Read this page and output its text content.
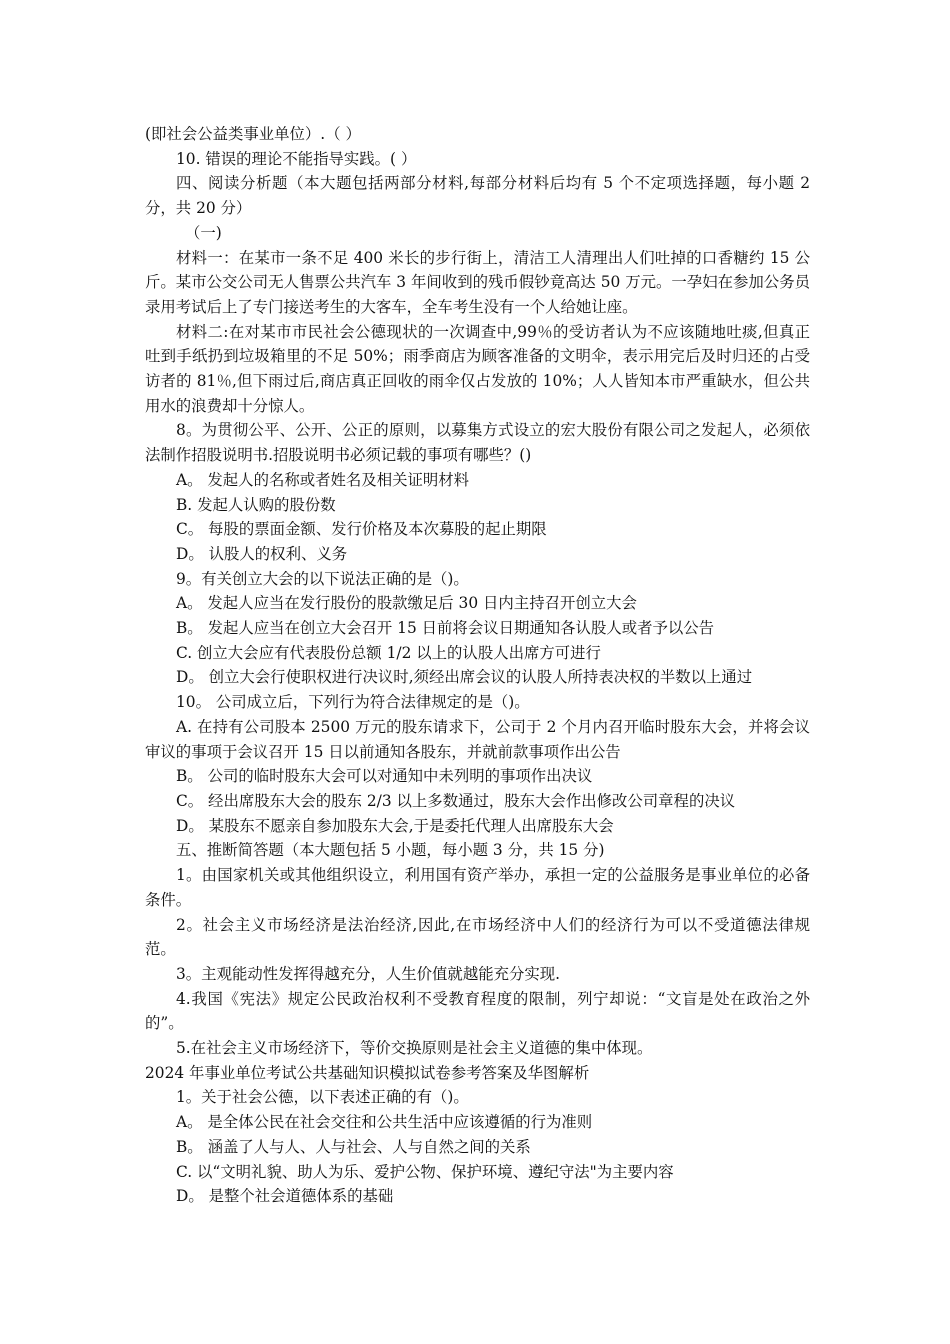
(即社会公益类事业单位）.（ ）

10. 错误的理论不能指导实践。( ）

四、阅读分析题（本大题包括两部分材料,每部分材料后均有 5 个不定项选择题，每小题 2 分，共 20 分）

（一)

材料一：在某市一条不足 400 米长的步行街上，清洁工人清理出人们吐掉的口香糖约 15 公斤。某市公交公司无人售票公共汽车 3 年间收到的残币假钞竟高达 50 万元。一孕妇在参加公务员录用考试后上了专门接送考生的大客车，全车考生没有一个人给她让座。

材料二:在对某市市民社会公德现状的一次调查中,99％的受访者认为不应该随地吐痰,但真正吐到手纸扔到垃圾箱里的不足 50%；雨季商店为顾客准备的文明伞，表示用完后及时归还的占受访者的 81％,但下雨过后,商店真正回收的雨伞仅占发放的 10%；人人皆知本市严重缺水，但公共用水的浪费却十分惊人。

8。为贯彻公平、公开、公正的原则，以募集方式设立的宏大股份有限公司之发起人，必须依法制作招股说明书.招股说明书必须记载的事项有哪些？()

A。 发起人的名称或者姓名及相关证明材料

B. 发起人认购的股份数

C。 每股的票面金额、发行价格及本次募股的起止期限

D。 认股人的权利、义务

9。有关创立大会的以下说法正确的是（)。

A。 发起人应当在发行股份的股款缴足后 30 日内主持召开创立大会

B。 发起人应当在创立大会召开 15 日前将会议日期通知各认股人或者予以公告

C. 创立大会应有代表股份总额 1/2 以上的认股人出席方可进行

D。 创立大会行使职权进行决议时,须经出席会议的认股人所持表决权的半数以上通过

10。 公司成立后，下列行为符合法律规定的是（)。

A. 在持有公司股本 2500 万元的股东请求下，公司于 2 个月内召开临时股东大会，并将会议审议的事项于会议召开 15 日以前通知各股东，并就前款事项作出公告

B。 公司的临时股东大会可以对通知中未列明的事项作出决议

C。 经出席股东大会的股东 2/3 以上多数通过，股东大会作出修改公司章程的决议

D。 某股东不愿亲自参加股东大会,于是委托代理人出席股东大会

五、推断简答题（本大题包括 5 小题，每小题 3 分，共 15 分)

1。由国家机关或其他组织设立，利用国有资产举办，承担一定的公益服务是事业单位的必备条件。

2。社会主义市场经济是法治经济,因此,在市场经济中人们的经济行为可以不受道德法律规范。

3。主观能动性发挥得越充分，人生价值就越能充分实现.

4.我国《宪法》规定公民政治权利不受教育程度的限制，列宁却说：“文盲是处在政治之外的”。

5.在社会主义市场经济下，等价交换原则是社会主义道德的集中体现。

2024 年事业单位考试公共基础知识模拟试卷参考答案及华图解析

1。关于社会公德，以下表述正确的有（)。

A。 是全体公民在社会交往和公共生活中应该遵循的行为准则

B。 涵盖了人与人、人与社会、人与自然之间的关系

C. 以“文明礼貌、助人为乐、爱护公物、保护环境、遵纪守法"为主要内容

D。 是整个社会道德体系的基础
